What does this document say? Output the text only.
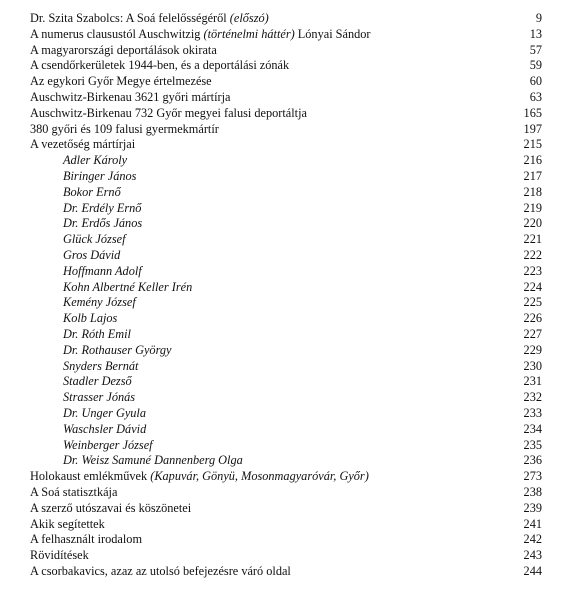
Dr. Szita Szabolcs: A Soá felelősségéről (előszó)	9
A numerus clausustól Auschwitzig (történelmi háttér) Lónyai Sándor	13
A magyarországi deportálások okirata	57
A csendőrkerületek 1944-ben, és a deportálási zónák	59
Az egykori Győr Megye értelmezése	60
Auschwitz-Birkenau 3621 győri mártírja	63
Auschwitz-Birkenau 732 Győr megyei falusi deportáltja	165
380 győri és 109 falusi gyermekmártír	197
A vezetőség mártírjai	215
Adler Károly	216
Biringer János	217
Bokor Ernő	218
Dr. Erdély Ernő	219
Dr. Erdős János	220
Glück József	221
Gros Dávid	222
Hoffmann Adolf	223
Kohn Albertné Keller Irén	224
Kemény József	225
Kolb Lajos	226
Dr. Róth Emil	227
Dr. Rothauser György	229
Snyders Bernát	230
Stadler Dezső	231
Strasser Jónás	232
Dr. Unger Gyula	233
Waschsler Dávid	234
Weinberger József	235
Dr. Weisz Samuné Dannenberg Olga	236
Holokaust emlékművek (Kapuvár, Gönyü, Mosonmagyaróvár, Győr)	273
A Soá statisztkája	238
A szerző utószavai és köszönetei	239
Akik segítettek	241
A felhasznált irodalom	242
Rövidítések	243
A csorbakavics, azaz az utolsó befejezésre váró oldal	244
